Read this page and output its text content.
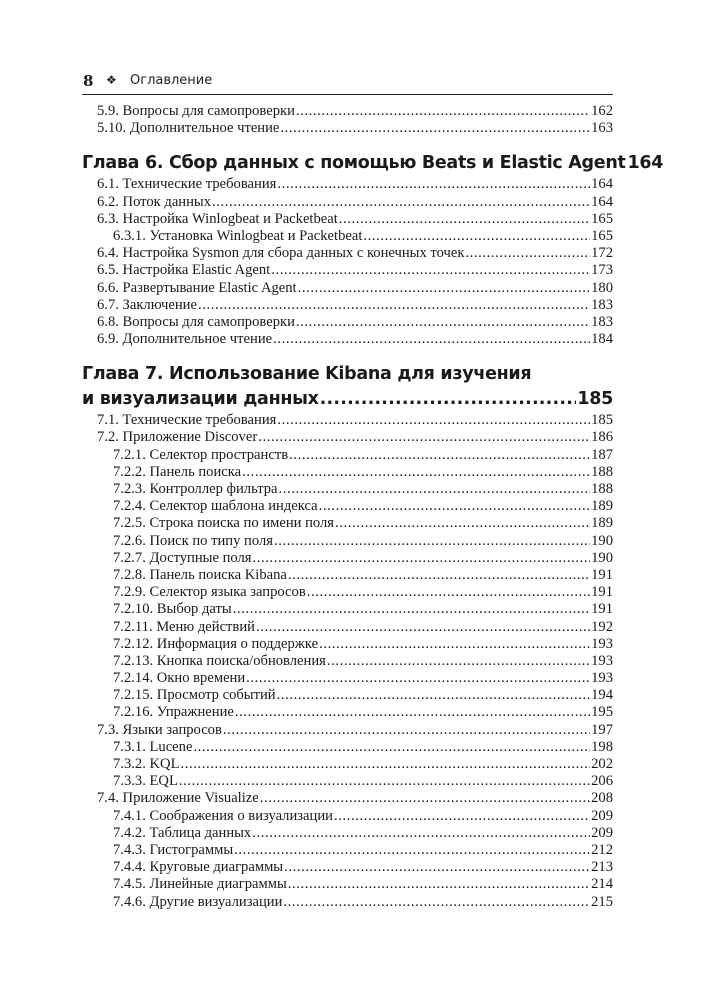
8 ❖ Оглавление
5.9. Вопросы для самопроверки .....	162
5.10. Дополнительное чтение .....	163
Глава 6. Сбор данных с помощью Beats и Elastic Agent 164
6.1. Технические требования .....	164
6.2. Поток данных .....	164
6.3. Настройка Winlogbeat и Packetbeat .....	165
6.3.1. Установка Winlogbeat и Packetbeat .....	165
6.4. Настройка Sysmon для сбора данных с конечных точек .....	172
6.5. Настройка Elastic Agent .....	173
6.6. Развертывание Elastic Agent .....	180
6.7. Заключение .....	183
6.8. Вопросы для самопроверки .....	183
6.9. Дополнительное чтение .....	184
Глава 7. Использование Kibana для изучения
и визуализации данных .....	185
7.1. Технические требования .....	185
7.2. Приложение Discover .....	186
7.2.1. Селектор пространств .....	187
7.2.2. Панель поиска .....	188
7.2.3. Контроллер фильтра .....	188
7.2.4. Селектор шаблона индекса .....	189
7.2.5. Строка поиска по имени поля .....	189
7.2.6. Поиск по типу поля .....	190
7.2.7. Доступные поля .....	190
7.2.8. Панель поиска Kibana .....	191
7.2.9. Селектор языка запросов .....	191
7.2.10. Выбор даты .....	191
7.2.11. Меню действий .....	192
7.2.12. Информация о поддержке .....	193
7.2.13. Кнопка поиска/обновления .....	193
7.2.14. Окно времени .....	193
7.2.15. Просмотр событий .....	194
7.2.16. Упражнение .....	195
7.3. Языки запросов .....	197
7.3.1. Lucene .....	198
7.3.2. KQL .....	202
7.3.3. EQL .....	206
7.4. Приложение Visualize .....	208
7.4.1. Соображения о визуализации .....	209
7.4.2. Таблица данных .....	209
7.4.3. Гистограммы .....	212
7.4.4. Круговые диаграммы .....	213
7.4.5. Линейные диаграммы .....	214
7.4.6. Другие визуализации .....	215
